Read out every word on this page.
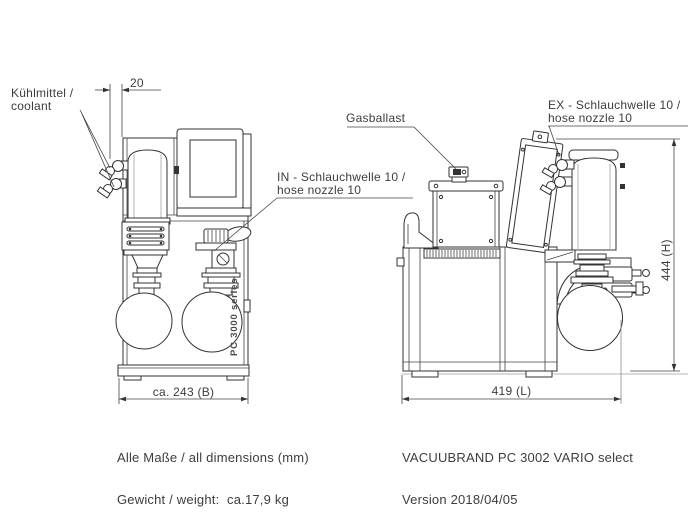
Kühlmittel /
coolant
20
Gasballast
IN - Schlauchwelle 10 /
hose nozzle 10
EX - Schlauchwelle 10 /
hose nozzle 10
444 (H)
ca. 243 (B)	419 (L)
PC 3000 series

Alle Maße / all dimensions (mm)

Gewicht / weight:  ca.17,9 kg

VACUUBRAND PC 3002 VARIO select

Version 2018/04/05
